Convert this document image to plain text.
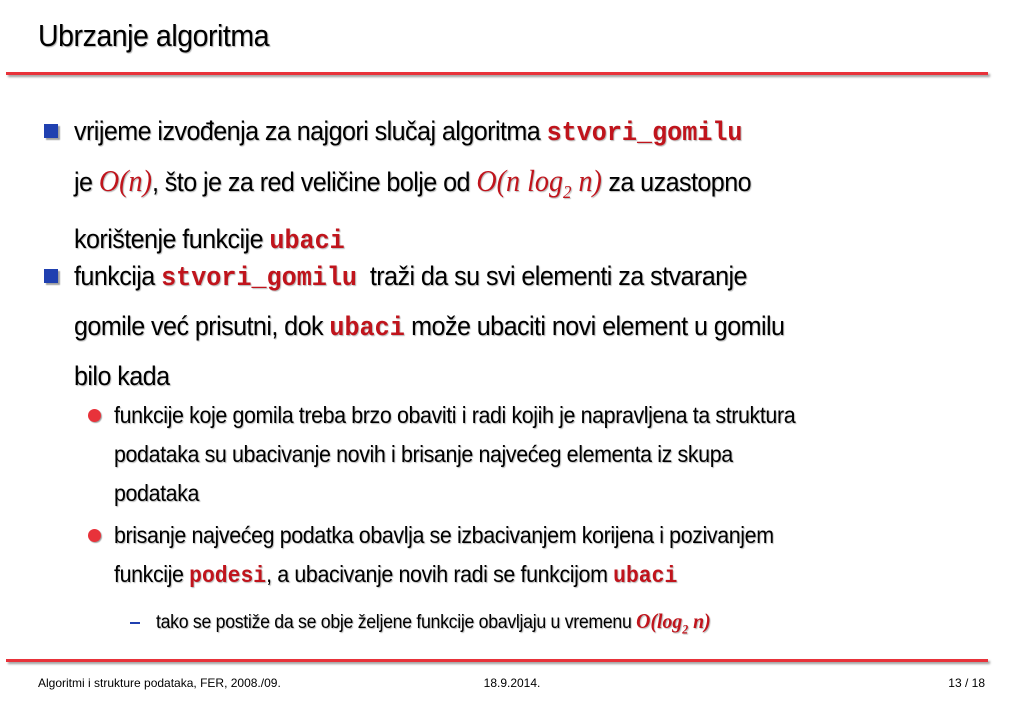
Ubrzanje algoritma
vrijeme izvođenja za najgori slučaj algoritma stvori_gomilu
je O(n), što je za red veličine bolje od O(n $\log_2 n$) za uzastopno
korištenje funkcije ubaci
funkcija stvori_gomilu  traži da su svi elementi za stvaranje
gomile već prisutni, dok ubaci može ubaciti novi element u gomilu
bilo kada
funkcije koje gomila treba brzo obaviti i radi kojih je napravljena ta struktura
podataka su ubacivanje novih i brisanje najvećeg elementa iz skupa
podataka
brisanje najvećeg podatka obavlja se izbacivanjem korijena i pozivanjem
funkcije podesi, a ubacivanje novih radi se funkcijom ubaci
tako se postiže da se obje željene funkcije obavljaju u vremenu $O(\log_2$ n)
Algoritmi i strukture podataka, FER, 2008./09.	18.9.2014.	13 / 18
